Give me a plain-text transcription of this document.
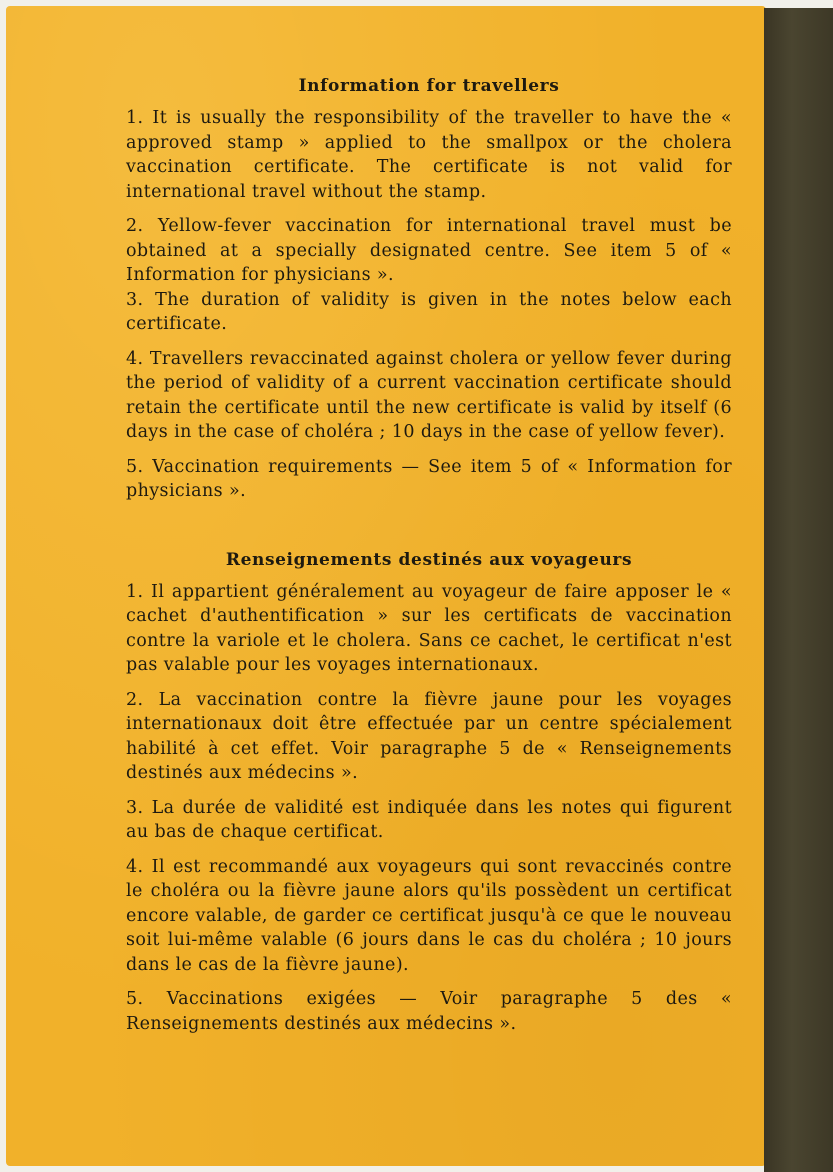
Information for travellers

1. It is usually the responsibility of the traveller to have the « approved stamp » applied to the smallpox or the cholera vaccination certificate. The certificate is not valid for international travel without the stamp.

2. Yellow-fever vaccination for international travel must be obtained at a specially designated centre. See item 5 of « Information for physicians ».

3. The duration of validity is given in the notes below each certificate.

4. Travellers revaccinated against cholera or yellow fever during the period of validity of a current vaccination certificate should retain the certificate until the new certificate is valid by itself (6 days in the case of choléra ; 10 days in the case of yellow fever).

5. Vaccination requirements — See item 5 of « Information for physicians ».

Renseignements destinés aux voyageurs

1. Il appartient généralement au voyageur de faire apposer le « cachet d'authentification » sur les certificats de vaccination contre la variole et le cholera. Sans ce cachet, le certificat n'est pas valable pour les voyages internationaux.

2. La vaccination contre la fièvre jaune pour les voyages internationaux doit être effectuée par un centre spécialement habilité à cet effet. Voir paragraphe 5 de « Renseignements destinés aux médecins ».

3. La durée de validité est indiquée dans les notes qui figurent au bas de chaque certificat.

4. Il est recommandé aux voyageurs qui sont revaccinés contre le choléra ou la fièvre jaune alors qu'ils possèdent un certificat encore valable, de garder ce certificat jusqu'à ce que le nouveau soit lui-même valable (6 jours dans le cas du choléra ; 10 jours dans le cas de la fièvre jaune).

5. Vaccinations exigées — Voir paragraphe 5 des « Renseignements destinés aux médecins ».
